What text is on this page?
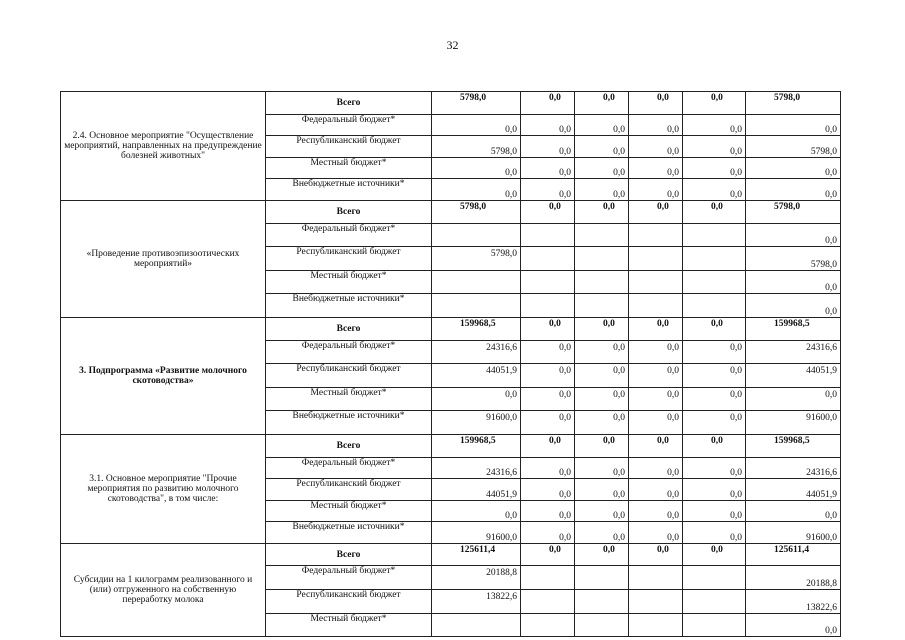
32
2.4. Основное мероприятие "Осуществление мероприятий, направленных на предупреждение болезней животных"	Всего	5798,0	0,0	0,0	0,0	0,0	5798,0
	Федеральный бюджет*	0,0	0,0	0,0	0,0	0,0	0,0
	Республиканский бюджет	5798,0	0,0	0,0	0,0	0,0	5798,0
	Местный бюджет*	0,0	0,0	0,0	0,0	0,0	0,0
	Внебюджетные источники*	0,0	0,0	0,0	0,0	0,0	0,0
«Проведение противоэпизоотических мероприятий»	Всего	5798,0	0,0	0,0	0,0	0,0	5798,0
	Федеральный бюджет*						0,0
	Республиканский бюджет	5798,0					5798,0
	Местный бюджет*						0,0
	Внебюджетные источники*						0,0
3. Подпрограмма «Развитие молочного скотоводства»	Всего	159968,5	0,0	0,0	0,0	0,0	159968,5
	Федеральный бюджет*	24316,6	0,0	0,0	0,0	0,0	24316,6
	Республиканский бюджет	44051,9	0,0	0,0	0,0	0,0	44051,9
	Местный бюджет*	0,0	0,0	0,0	0,0	0,0	0,0
	Внебюджетные источники*	91600,0	0,0	0,0	0,0	0,0	91600,0
3.1. Основное мероприятие "Прочие мероприятия по развитию молочного скотоводства", в том числе:	Всего	159968,5	0,0	0,0	0,0	0,0	159968,5
	Федеральный бюджет*	24316,6	0,0	0,0	0,0	0,0	24316,6
	Республиканский бюджет	44051,9	0,0	0,0	0,0	0,0	44051,9
	Местный бюджет*	0,0	0,0	0,0	0,0	0,0	0,0
	Внебюджетные источники*	91600,0	0,0	0,0	0,0	0,0	91600,0
Субсидии на 1 килограмм реализованного и (или) отгруженного на собственную переработку молока	Всего	125611,4	0,0	0,0	0,0	0,0	125611,4
	Федеральный бюджет*	20188,8					20188,8
	Республиканский бюджет	13822,6					13822,6
	Местный бюджет*						0,0
